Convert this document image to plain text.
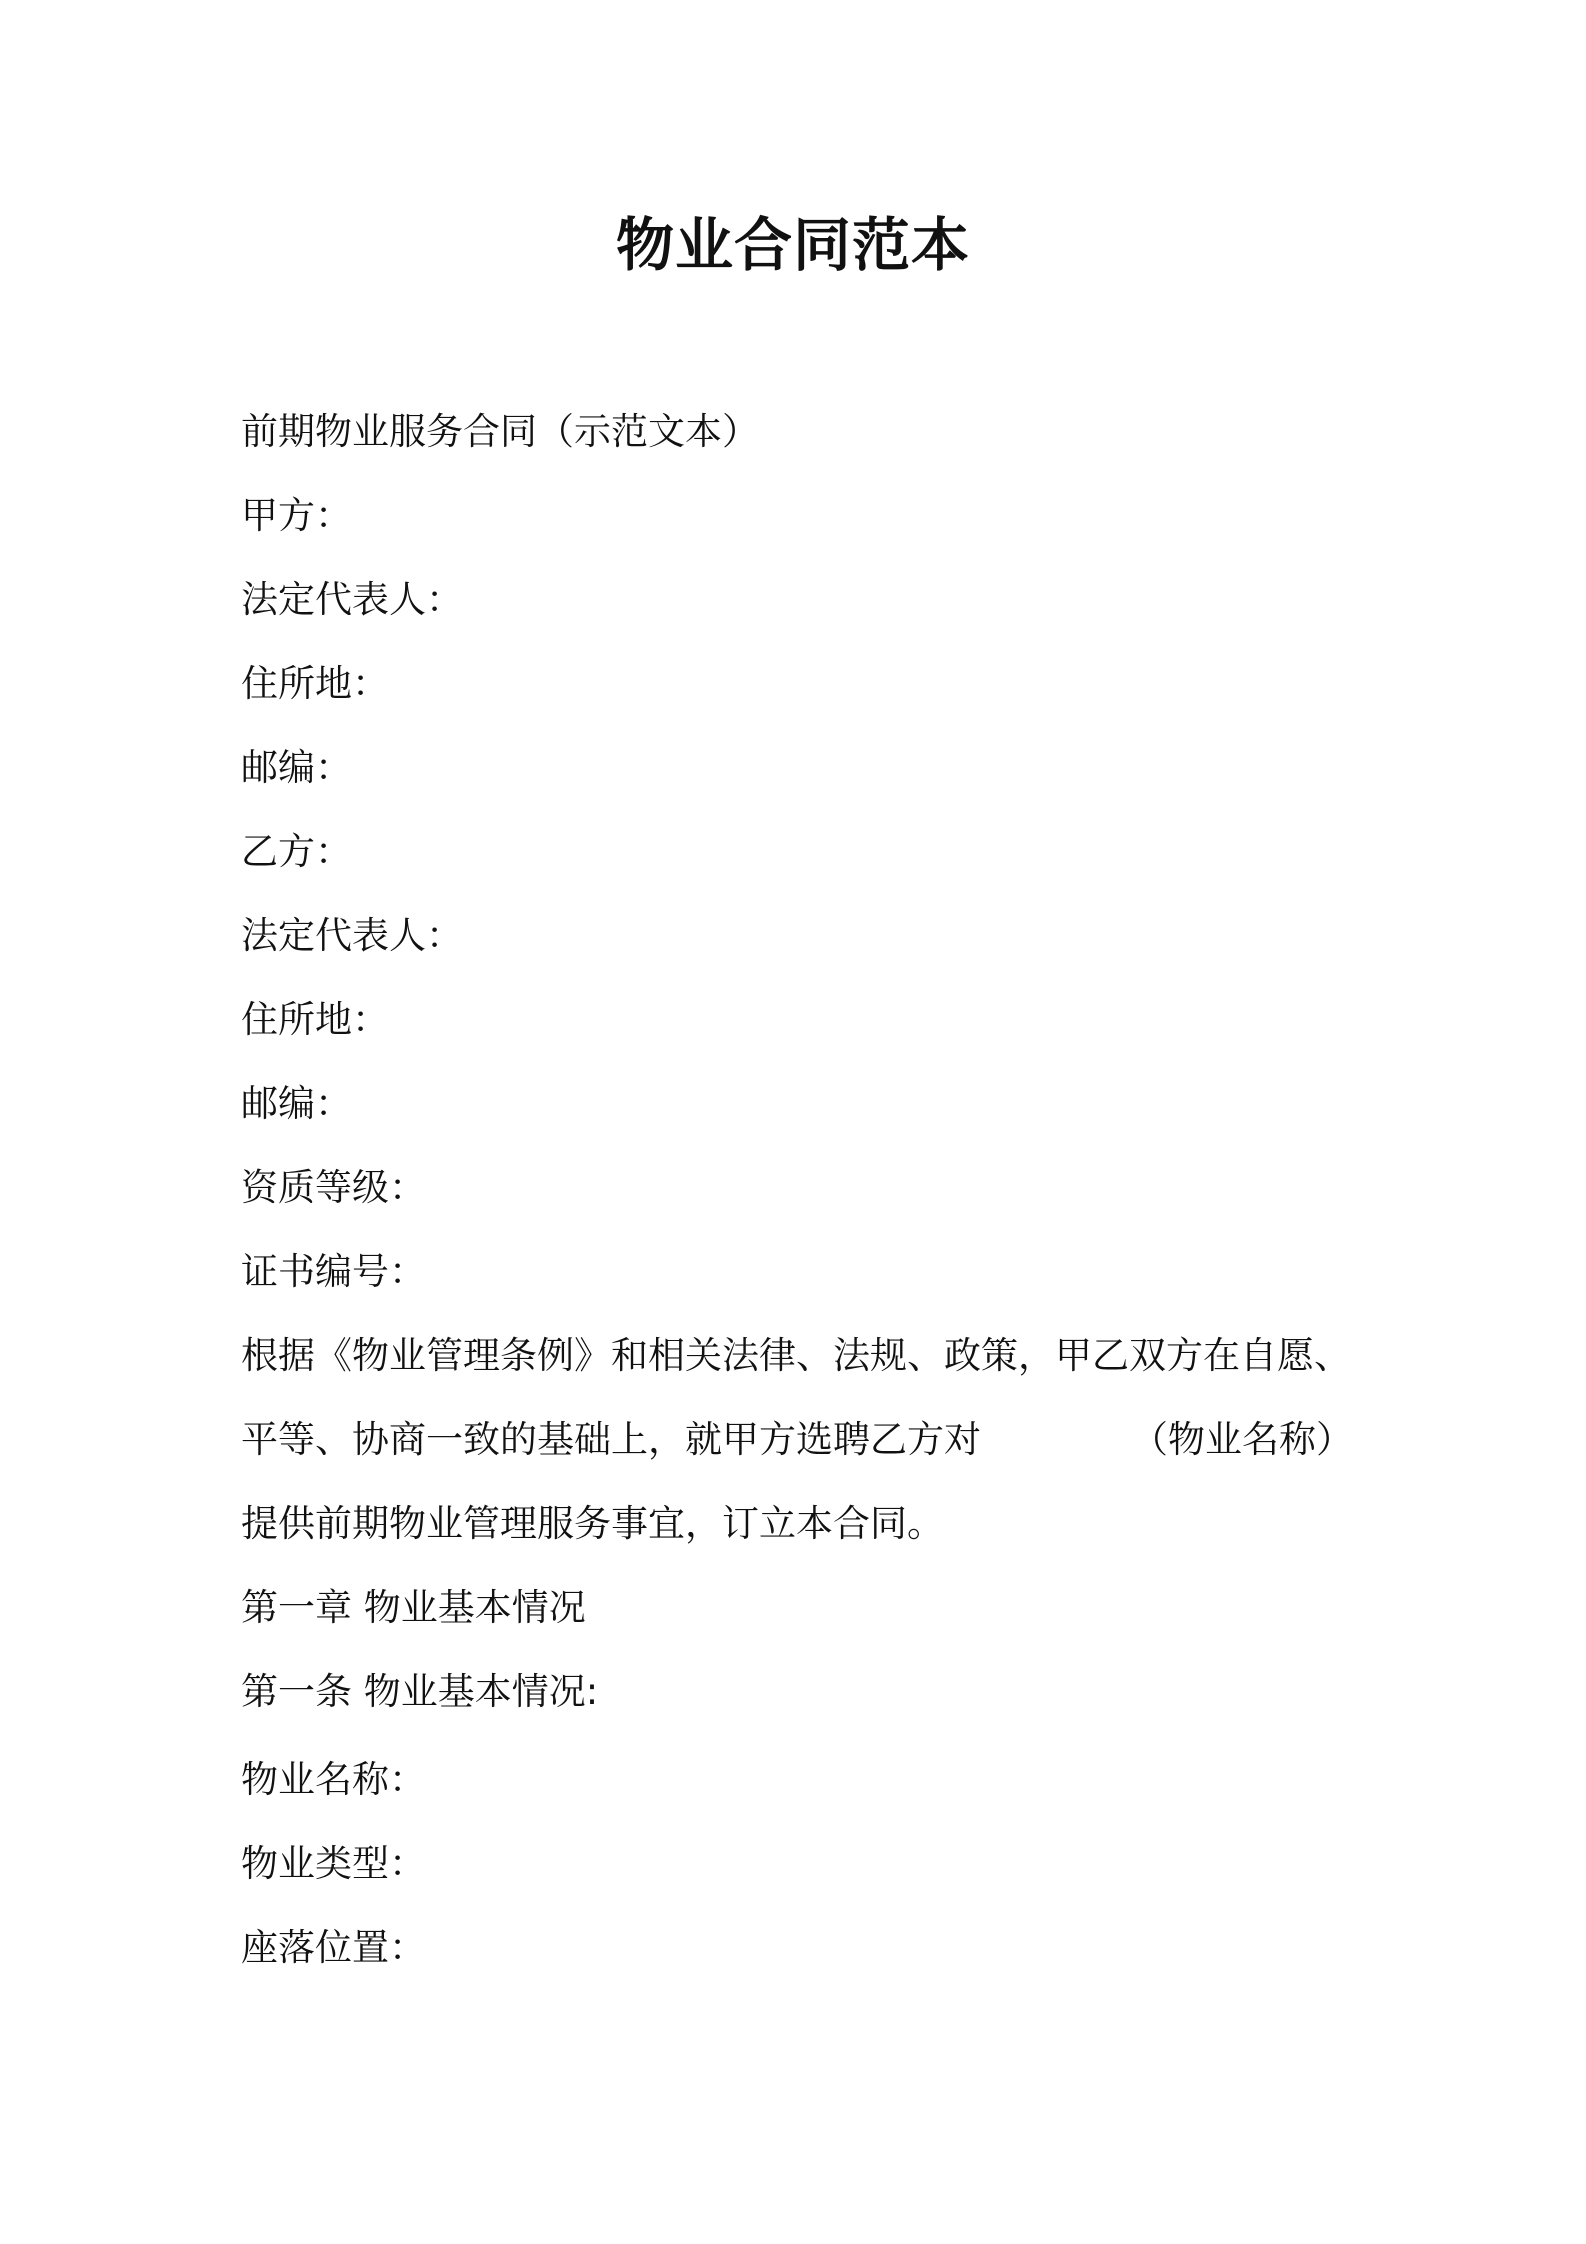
物业合同范本
前期物业服务合同（示范文本）
甲方：
法定代表人：
住所地：
邮编：
乙方：
法定代表人：
住所地：
邮编：
资质等级：
证书编号：
根据《物业管理条例》和相关法律、法规、政策，甲乙双方在自愿、
平等、协商一致的基础上，就甲方选聘乙方对	（物业名称）
提供前期物业管理服务事宜，订立本合同。
第一章 物业基本情况
第一条 物业基本情况:
物业名称：
物业类型：
座落位置：
